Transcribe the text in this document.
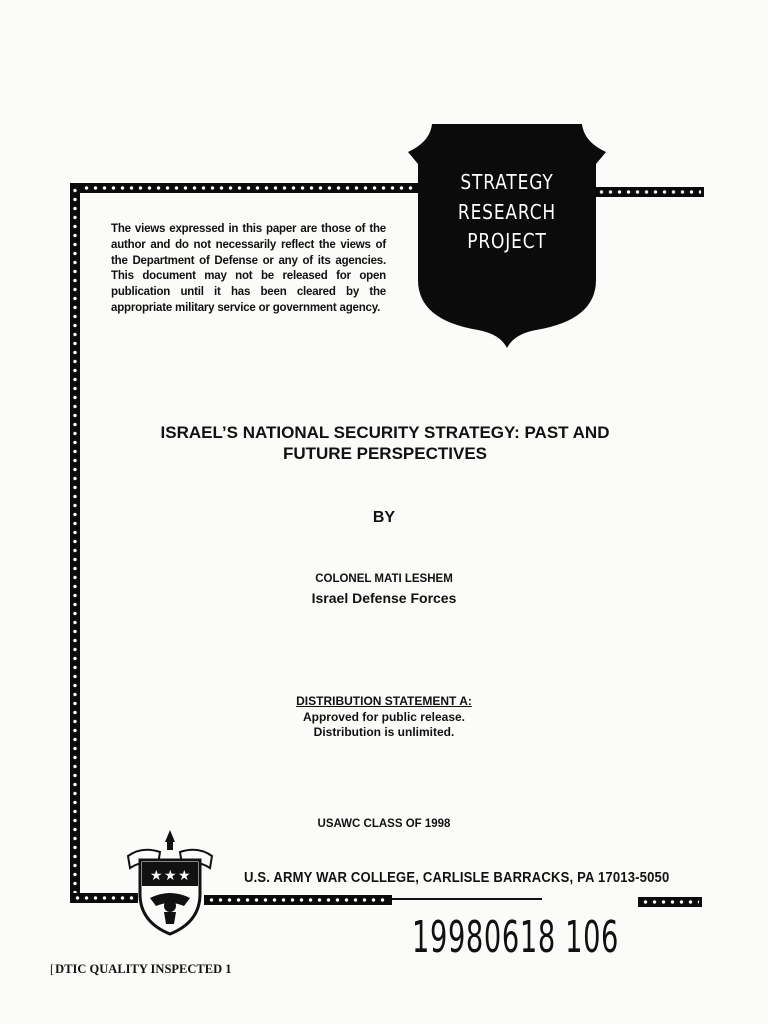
The views expressed in this paper are those of the author and do not necessarily reflect the views of the Department of Defense or any of its agencies. This document may not be released for open publication until it has been cleared by the appropriate military service or government agency.
STRATEGY
RESEARCH
PROJECT
ISRAEL’S NATIONAL SECURITY STRATEGY: PAST AND
FUTURE PERSPECTIVES
BY
COLONEL MATI LESHEM
Israel Defense Forces
DISTRIBUTION STATEMENT A:
Approved for public release.
Distribution is unlimited.
USAWC CLASS OF 1998
★ ★ ★	U.S. ARMY WAR COLLEGE, CARLISLE BARRACKS, PA 17013-5050
19980618 106
[DTIC QUALITY INSPECTED 1
